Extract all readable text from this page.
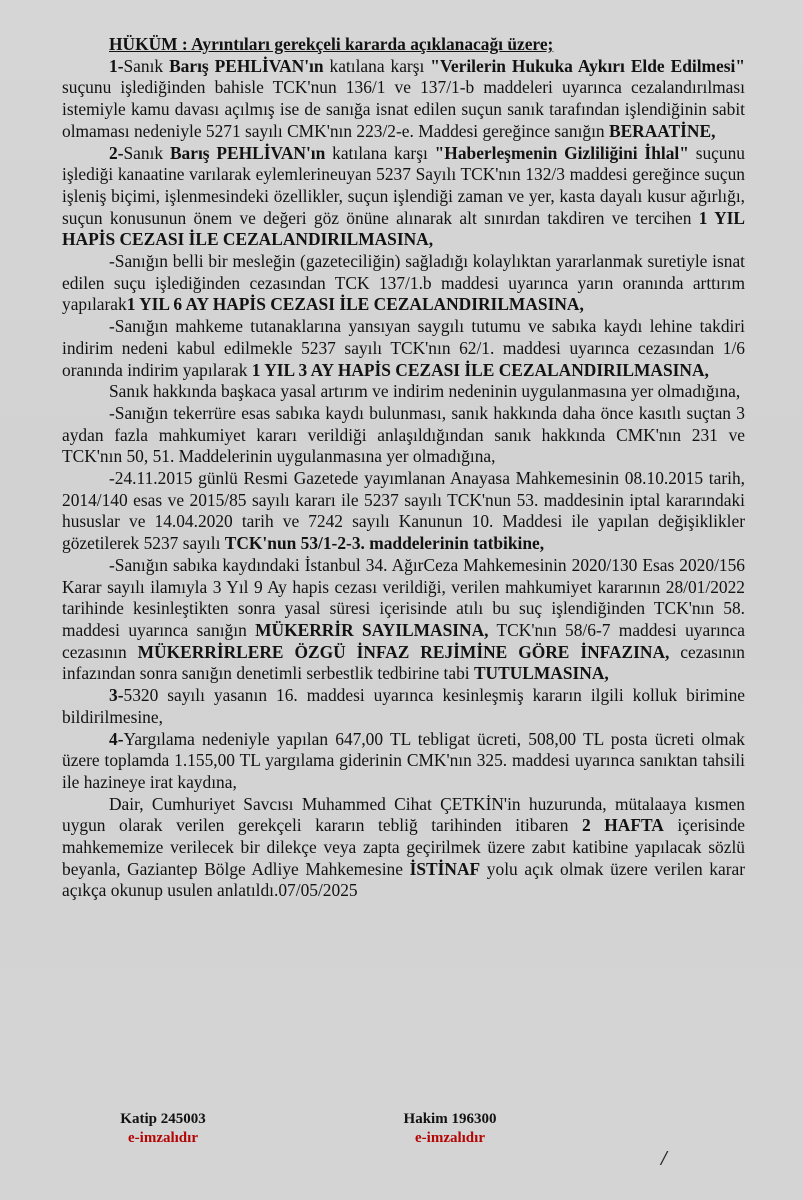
HÜKÜM : Ayrıntıları gerekçeli kararda açıklanacağı üzere;

1-Sanık Barış PEHLİVAN'ın katılana karşı "Verilerin Hukuka Aykırı Elde Edilmesi" suçunu işlediğinden bahisle TCK'nun 136/1 ve 137/1-b maddeleri uyarınca cezalandırılması istemiyle kamu davası açılmış ise de sanığa isnat edilen suçun sanık tarafından işlendiğinin sabit olmaması nedeniyle 5271 sayılı CMK'nın 223/2-e. Maddesi gereğince sanığın BERAATİNE,

2-Sanık Barış PEHLİVAN'ın katılana karşı "Haberleşmenin Gizliliğini İhlal" suçunu işlediği kanaatine varılarak eylemlerineuyan 5237 Sayılı TCK'nın 132/3 maddesi gereğince suçun işleniş biçimi, işlenmesindeki özellikler, suçun işlendiği zaman ve yer, kasta dayalı kusur ağırlığı, suçun konusunun önem ve değeri göz önüne alınarak alt sınırdan takdiren ve tercihen 1 YIL HAPİS CEZASI İLE CEZALANDIRILMASINA,

-Sanığın belli bir mesleğin (gazeteciliğin) sağladığı kolaylıktan yararlanmak suretiyle isnat edilen suçu işlediğinden cezasından TCK 137/1.b maddesi uyarınca yarın oranında arttırım yapılarak1 YIL 6 AY HAPİS CEZASI İLE CEZALANDIRILMASINA,

-Sanığın mahkeme tutanaklarına yansıyan saygılı tutumu ve sabıka kaydı lehine takdiri indirim nedeni kabul edilmekle 5237 sayılı TCK'nın 62/1. maddesi uyarınca cezasından 1/6 oranında indirim yapılarak 1 YIL 3 AY HAPİS CEZASI İLE CEZALANDIRILMASINA,

Sanık hakkında başkaca yasal artırım ve indirim nedeninin uygulanmasına yer olmadığına,

-Sanığın tekerrüre esas sabıka kaydı bulunması, sanık hakkında daha önce kasıtlı suçtan 3 aydan fazla mahkumiyet kararı verildiği anlaşıldığından sanık hakkında CMK'nın 231 ve TCK'nın 50, 51. Maddelerinin uygulanmasına yer olmadığına,

-24.11.2015 günlü Resmi Gazetede yayımlanan Anayasa Mahkemesinin 08.10.2015 tarih, 2014/140 esas ve 2015/85 sayılı kararı ile 5237 sayılı TCK'nun 53. maddesinin iptal kararındaki hususlar ve 14.04.2020 tarih ve 7242 sayılı Kanunun 10. Maddesi ile yapılan değişiklikler gözetilerek 5237 sayılı TCK'nun 53/1-2-3. maddelerinin tatbikine,

-Sanığın sabıka kaydındaki İstanbul 34. AğırCeza Mahkemesinin 2020/130 Esas 2020/156 Karar sayılı ilamıyla 3 Yıl 9 Ay hapis cezası verildiği, verilen mahkumiyet kararının 28/01/2022 tarihinde kesinleştikten sonra yasal süresi içerisinde atılı bu suç işlendiğinden TCK'nın 58. maddesi uyarınca sanığın MÜKERRİR SAYILMASINA, TCK'nın 58/6-7 maddesi uyarınca cezasının MÜKERRİRLERE ÖZGÜ İNFAZ REJİMİNE GÖRE İNFAZINA, cezasının infazından sonra sanığın denetimli serbestlik tedbirine tabi TUTULMASINA,

3-5320 sayılı yasanın 16. maddesi uyarınca kesinleşmiş kararın ilgili kolluk birimine bildirilmesine,

4-Yargılama nedeniyle yapılan 647,00 TL tebligat ücreti, 508,00 TL posta ücreti olmak üzere toplamda 1.155,00 TL yargılama giderinin CMK'nın 325. maddesi uyarınca sanıktan tahsili ile hazineye irat kaydına,

Dair, Cumhuriyet Savcısı Muhammed Cihat ÇETKİN'in huzurunda, mütalaaya kısmen uygun olarak verilen gerekçeli kararın tebliğ tarihinden itibaren 2 HAFTA içerisinde mahkememize verilecek bir dilekçe veya zapta geçirilmek üzere zabıt katibine yapılacak sözlü beyanla, Gaziantep Bölge Adliye Mahkemesine İSTİNAF yolu açık olmak üzere verilen karar açıkça okunup usulen anlatıldı.07/05/2025

Katip 245003
e-imzalıdır
Hakim 196300
e-imzalıdır
/
